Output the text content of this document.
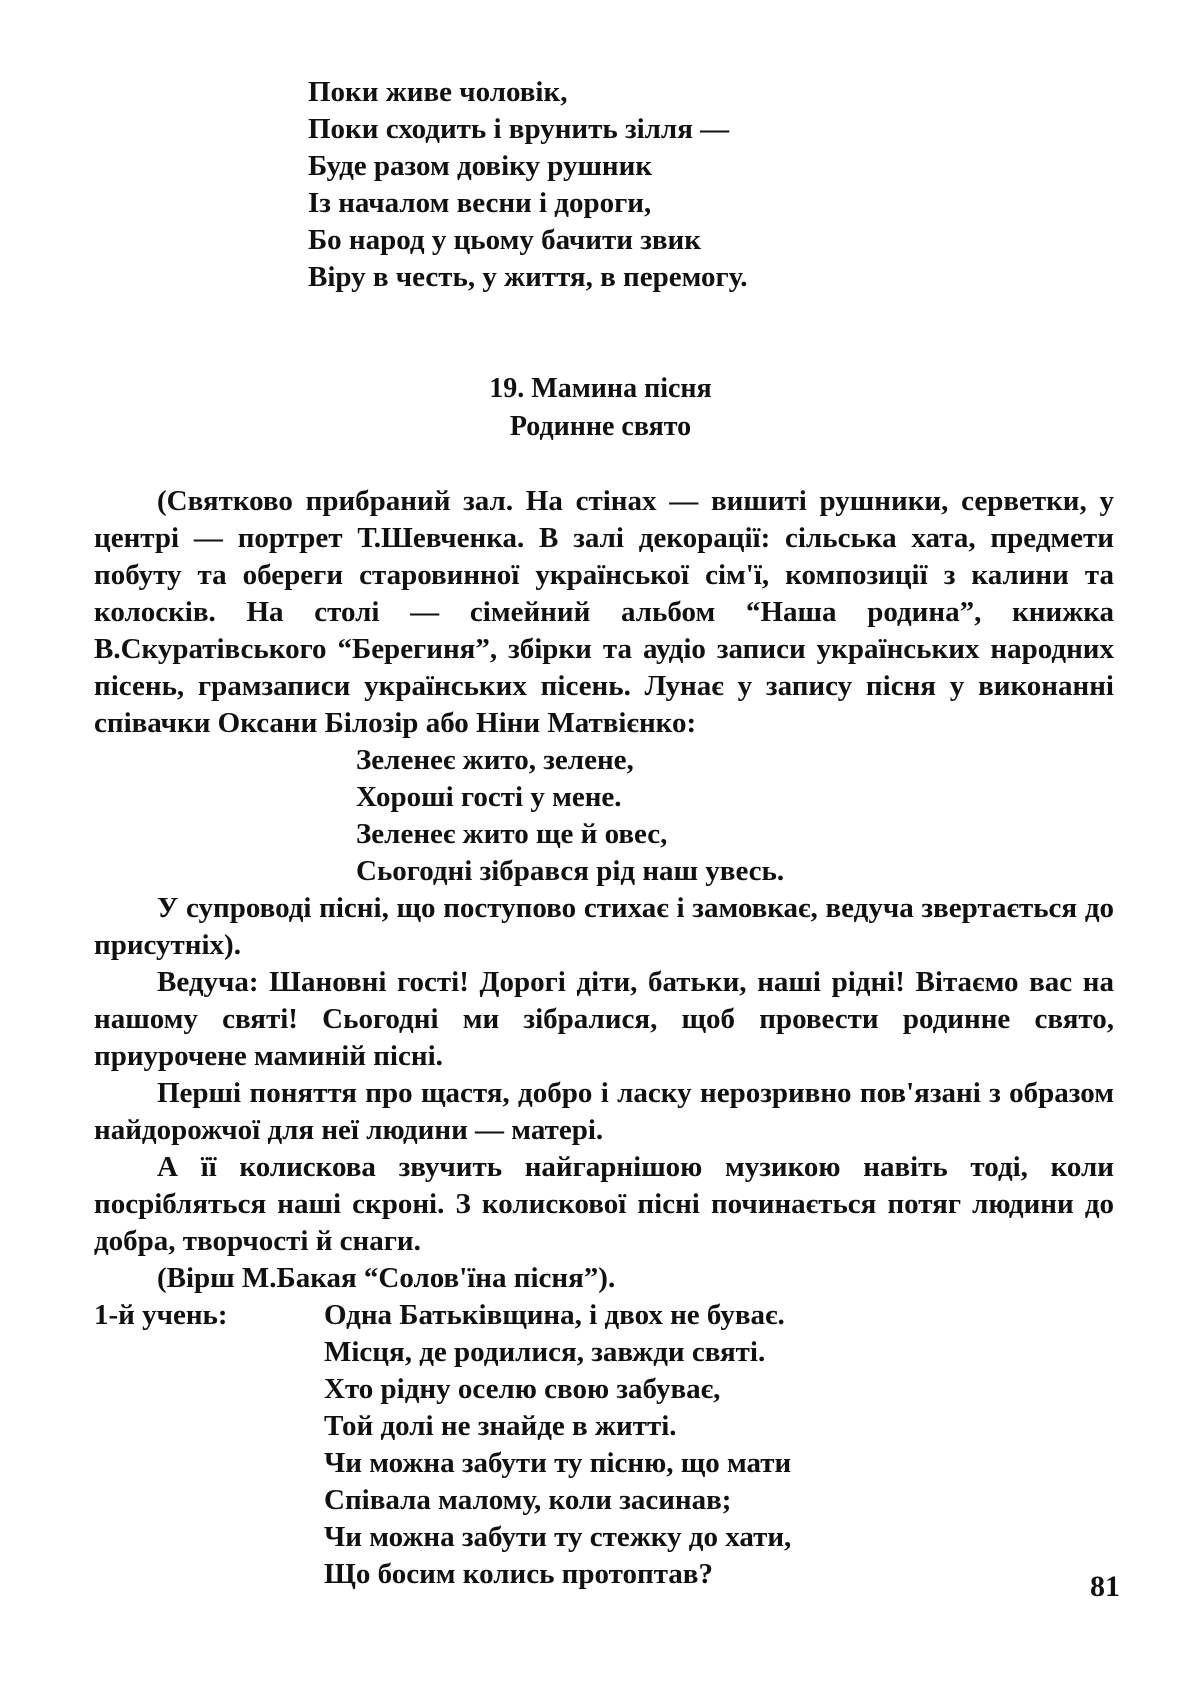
Поки живе чоловік,
Поки сходить і врунить зілля —
Буде разом довіку рушник
Із началом весни і дороги,
Бо народ у цьому бачити звик
Віру в честь, у життя, в перемогу.
19. Мамина пісня
Родинне свято

(Святково прибраний зал. На стінах — вишиті рушники, серветки, у центрі — портрет Т.Шевченка. В залі декорації: сільська хата, предмети побуту та обереги старовинної української сім'ї, композиції з калини та колосків. На столі — сімейний альбом “Наша родина”, книжка В.Скуратівського “Берегиня”, збірки та аудіо записи українських народних пісень, грамзаписи українських пісень. Лунає у запису пісня у виконанні співачки Оксани Білозір або Ніни Матвієнко:

Зеленеє жито, зелене,
Хороші гості у мене.
Зеленеє жито ще й овес,
Сьогодні зібрався рід наш увесь.

У супроводі пісні, що поступово стихає і замовкає, ведуча звертається до присутніх).

Ведуча: Шановні гості! Дорогі діти, батьки, наші рідні! Вітаємо вас на нашому святі! Сьогодні ми зібралися, щоб провести родинне свято, приурочене маминій пісні.

Перші поняття про щастя, добро і ласку нерозривно пов'язані з образом найдорожчої для неї людини — матері.

А її колискова звучить найгарнішою музикою навіть тоді, коли посрібляться наші скроні. З колискової пісні починається потяг людини до добра, творчості й снаги.

(Вірш М.Бакая “Солов'їна пісня”).

1-й учень:	Одна Батьківщина, і двох не буває.
Місця, де родилися, завжди святі.
Хто рідну оселю свою забуває,
Той долі не знайде в житті.
Чи можна забути ту пісню, що мати
Співала малому, коли засинав;
Чи можна забути ту стежку до хати,
Що босим колись протоптав?	81
